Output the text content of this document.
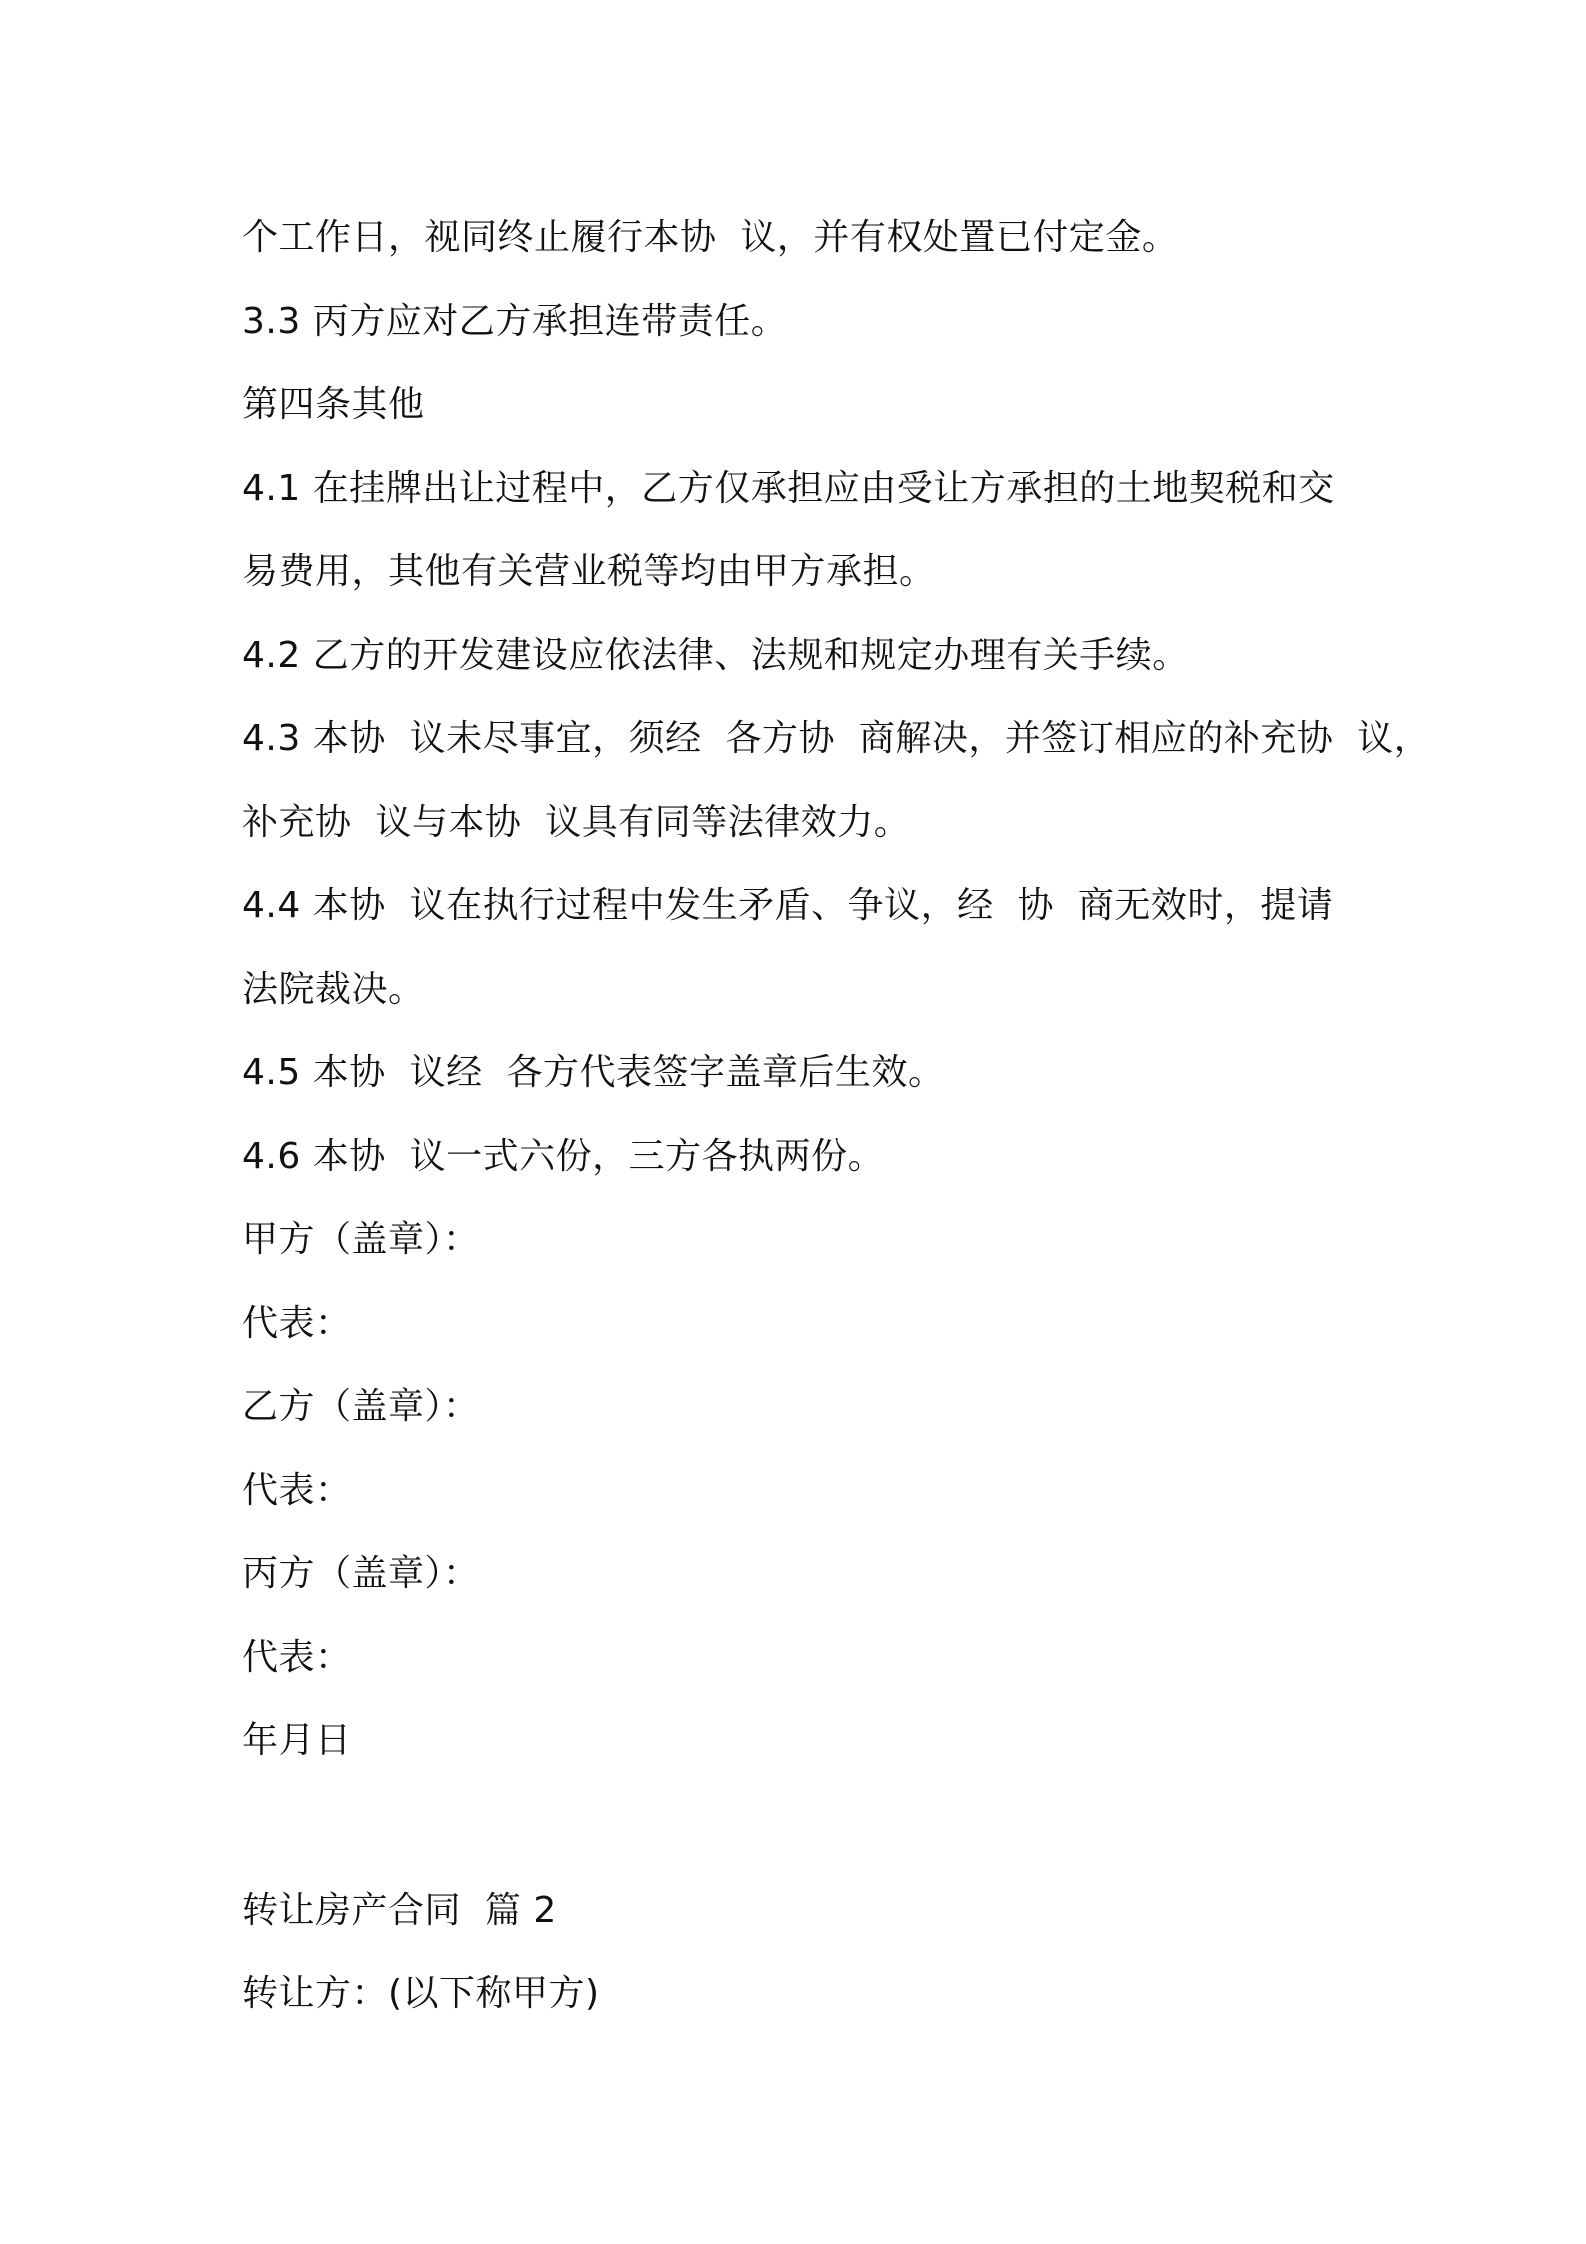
个工作日，视同终止履行本协  议，并有权处置已付定金。
3.3 丙方应对乙方承担连带责任。
第四条其他
4.1 在挂牌出让过程中，乙方仅承担应由受让方承担的土地契税和交
易费用，其他有关营业税等均由甲方承担。
4.2 乙方的开发建设应依法律、法规和规定办理有关手续。
4.3 本协  议未尽事宜，须经  各方协  商解决，并签订相应的补充协  议，
补充协  议与本协  议具有同等法律效力。
4.4 本协  议在执行过程中发生矛盾、争议，经  协  商无效时，提请
法院裁决。
4.5 本协  议经  各方代表签字盖章后生效。
4.6 本协  议一式六份，三方各执两份。
甲方（盖章）：
代表：
乙方（盖章）：
代表：
丙方（盖章）：
代表：
年月日
转让房产合同  篇 2
转让方：(以下称甲方)
